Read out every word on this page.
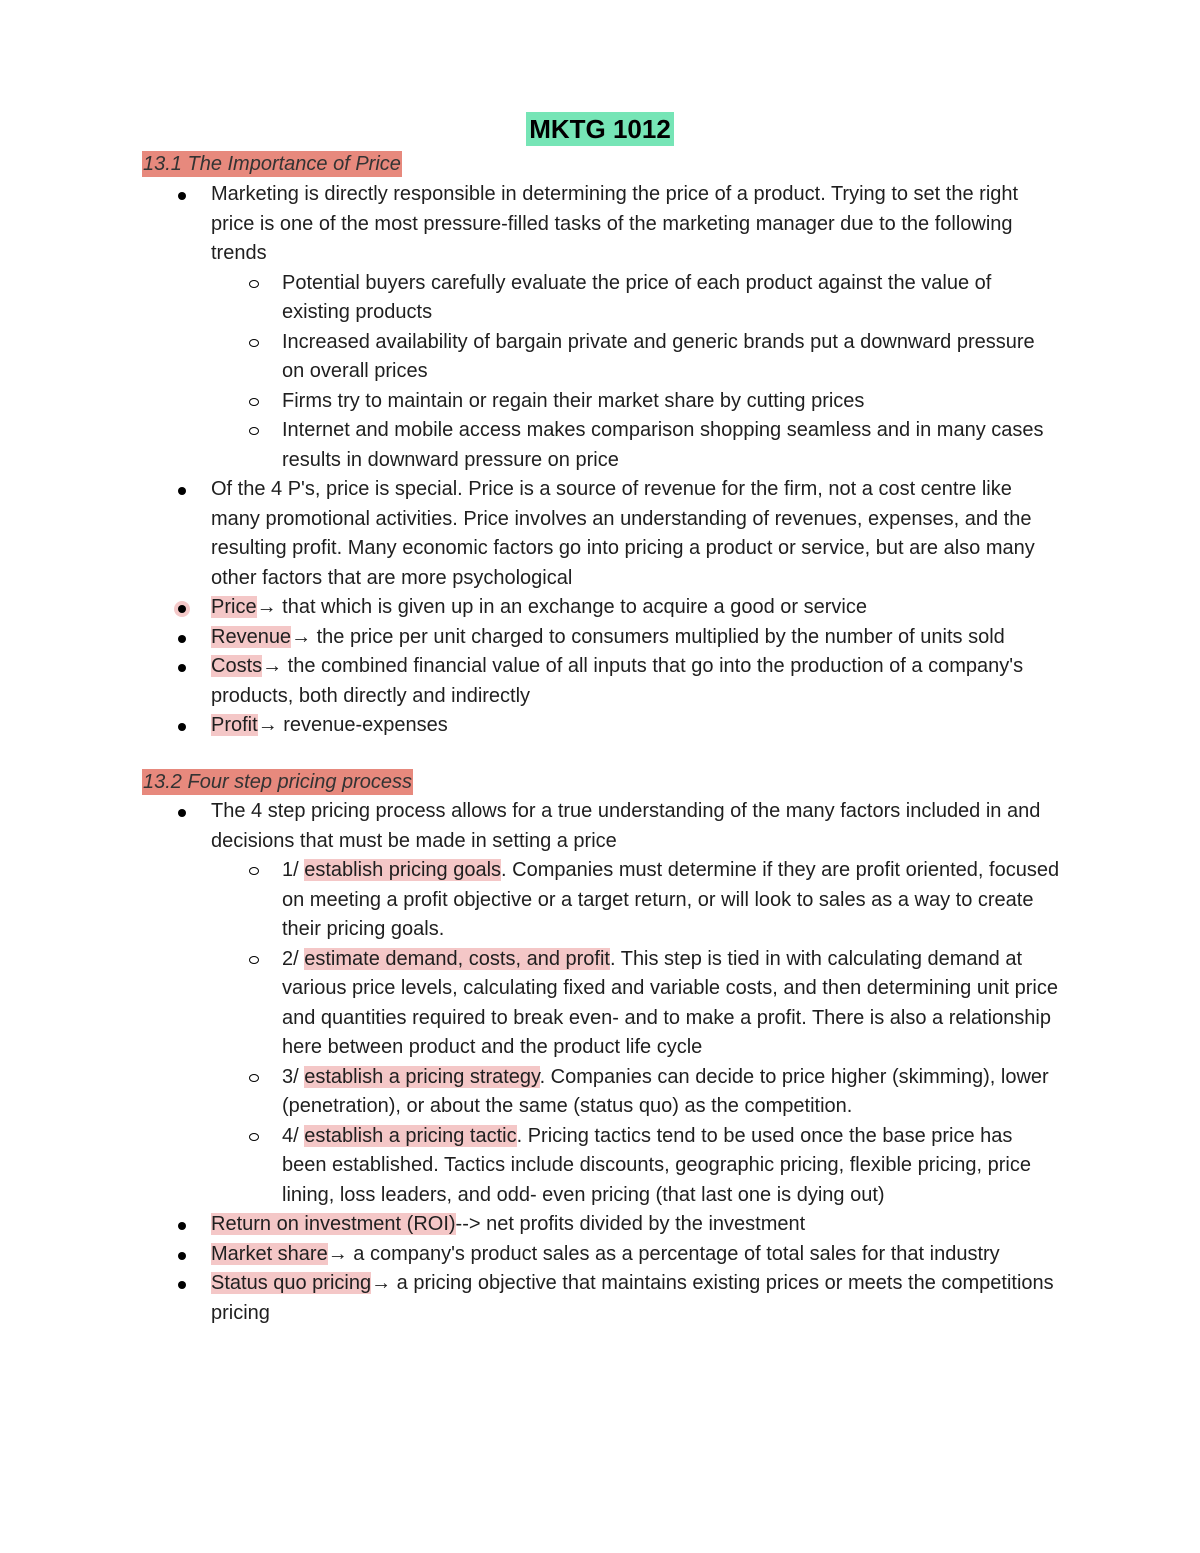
MKTG 1012
13.1 The Importance of Price
Marketing is directly responsible in determining the price of a product. Trying to set the right price is one of the most pressure-filled tasks of the marketing manager due to the following trends
Potential buyers carefully evaluate the price of each product against the value of existing products
Increased availability of bargain private and generic brands put a downward pressure on overall prices
Firms try to maintain or regain their market share by cutting prices
Internet and mobile access makes comparison shopping seamless and in many cases results in downward pressure on price
Of the 4 P's, price is special. Price is a source of revenue for the firm, not a cost centre like many promotional activities. Price involves an understanding of revenues, expenses, and the resulting profit. Many economic factors go into pricing a product or service, but are also many other factors that are more psychological
Price→ that which is given up in an exchange to acquire a good or service
Revenue→ the price per unit charged to consumers multiplied by the number of units sold
Costs→ the combined financial value of all inputs that go into the production of a company's products, both directly and indirectly
Profit→ revenue-expenses
13.2 Four step pricing process
The 4 step pricing process allows for a true understanding of the many factors included in and decisions that must be made in setting a price
1/ establish pricing goals. Companies must determine if they are profit oriented, focused on meeting a profit objective or a target return, or will look to sales as a way to create their pricing goals.
2/ estimate demand, costs, and profit. This step is tied in with calculating demand at various price levels, calculating fixed and variable costs, and then determining unit price and quantities required to break even- and to make a profit. There is also a relationship here between product and the product life cycle
3/ establish a pricing strategy. Companies can decide to price higher (skimming), lower (penetration), or about the same (status quo) as the competition.
4/ establish a pricing tactic. Pricing tactics tend to be used once the base price has been established. Tactics include discounts, geographic pricing, flexible pricing, price lining, loss leaders, and odd- even pricing (that last one is dying out)
Return on investment (ROI)--> net profits divided by the investment
Market share→ a company's product sales as a percentage of total sales for that industry
Status quo pricing→ a pricing objective that maintains existing prices or meets the competitions pricing
